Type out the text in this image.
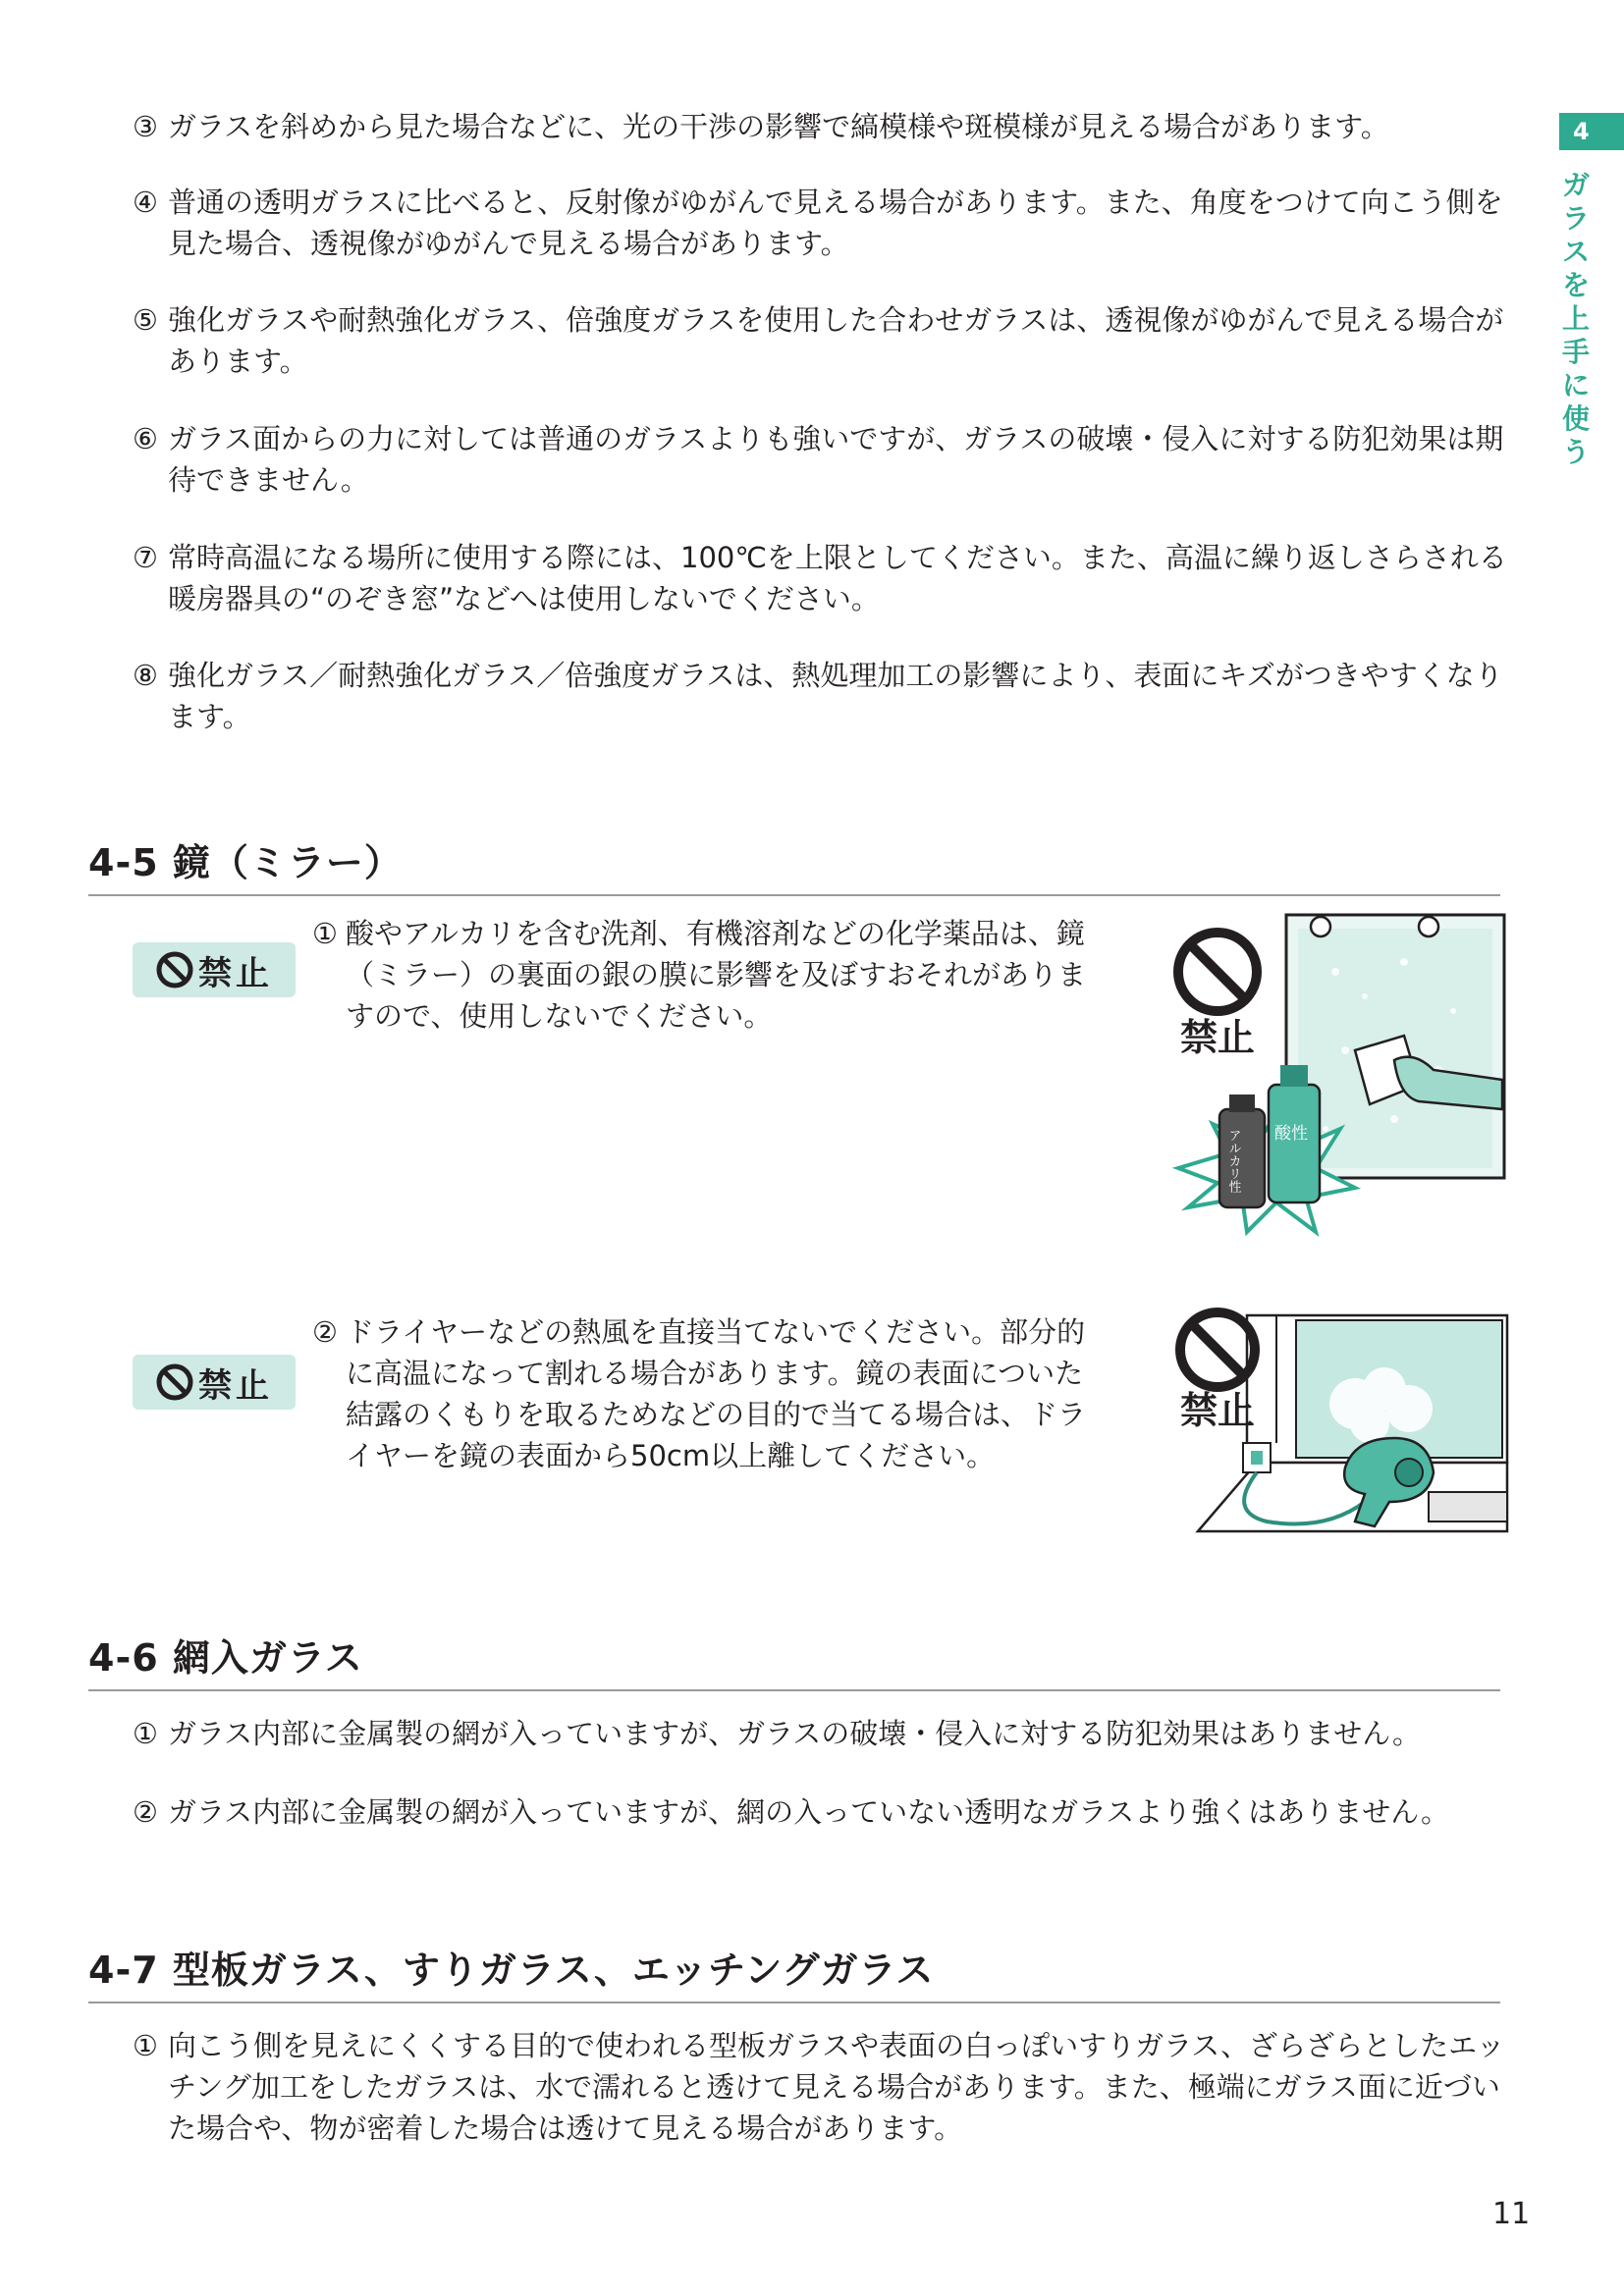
4
ガラスを上手に使う
③ ガラスを斜めから見た場合などに、光の干渉の影響で縞模様や斑模様が見える場合があります。
④ 普通の透明ガラスに比べると、反射像がゆがんで見える場合があります。また、角度をつけて向こう側を見た場合、透視像がゆがんで見える場合があります。
⑤ 強化ガラスや耐熱強化ガラス、倍強度ガラスを使用した合わせガラスは、透視像がゆがんで見える場合があります。
⑥ ガラス面からの力に対しては普通のガラスよりも強いですが、ガラスの破壊・侵入に対する防犯効果は期待できません。
⑦ 常時高温になる場所に使用する際には、100℃を上限としてください。また、高温に繰り返しさらされる暖房器具の“のぞき窓”などへは使用しないでください。
⑧ 強化ガラス／耐熱強化ガラス／倍強度ガラスは、熱処理加工の影響により、表面にキズがつきやすくなります。
4-5 鏡（ミラー）
禁止
① 酸やアルカリを含む洗剤、有機溶剤などの化学薬品は、鏡（ミラー）の裏面の銀の膜に影響を及ぼすおそれがありますので、使用しないでください。	禁止
アルカリ性 酸性
禁止
② ドライヤーなどの熱風を直接当てないでください。部分的に高温になって割れる場合があります。鏡の表面についた結露のくもりを取るためなどの目的で当てる場合は、ドライヤーを鏡の表面から50cm以上離してください。
禁止
4-6 網入ガラス
① ガラス内部に金属製の網が入っていますが、ガラスの破壊・侵入に対する防犯効果はありません。
② ガラス内部に金属製の網が入っていますが、網の入っていない透明なガラスより強くはありません。
4-7 型板ガラス、すりガラス、エッチングガラス
① 向こう側を見えにくくする目的で使われる型板ガラスや表面の白っぽいすりガラス、ざらざらとしたエッチング加工をしたガラスは、水で濡れると透けて見える場合があります。また、極端にガラス面に近づいた場合や、物が密着した場合は透けて見える場合があります。
11
